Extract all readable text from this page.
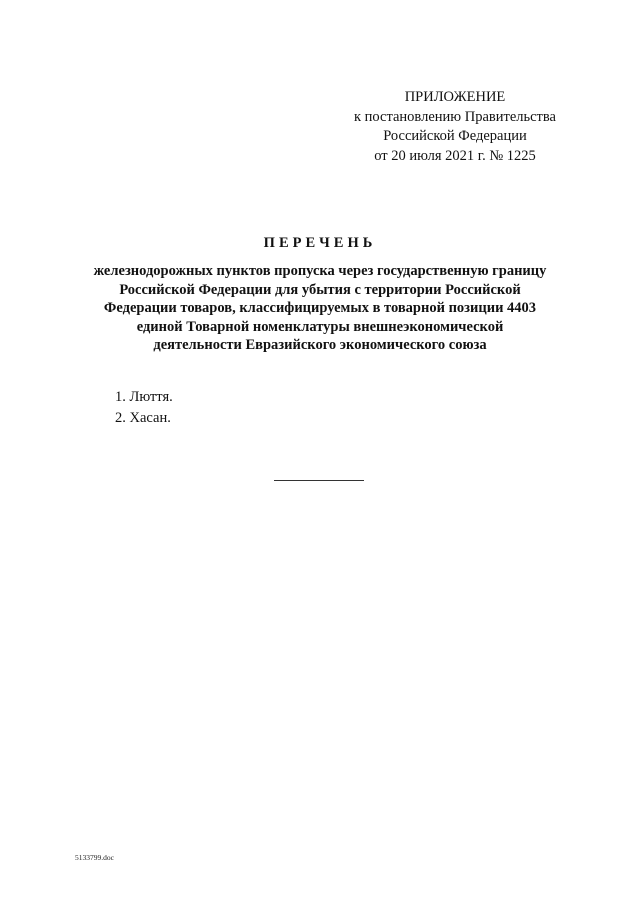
ПРИЛОЖЕНИЕ
к постановлению Правительства
Российской Федерации
от 20 июля 2021 г. № 1225
ПЕРЕЧЕНЬ
железнодорожных пунктов пропуска через государственную границу
Российской Федерации для убытия с территории Российской
Федерации товаров, классифицируемых в товарной позиции 4403
единой Товарной номенклатуры внешнеэкономической
деятельности Евразийского экономического союза
1. Люття.
2. Хасан.
5133799.doc
